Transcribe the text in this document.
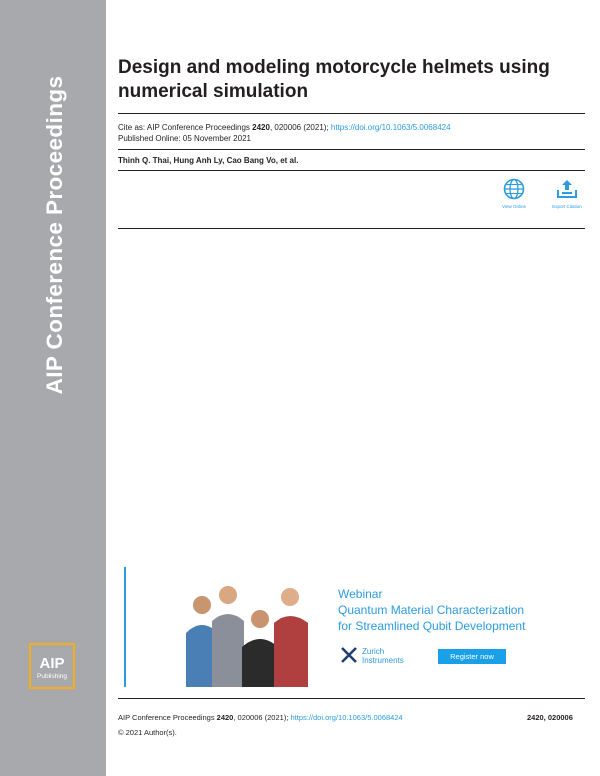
AIP Conference Proceedings
AIP
Publishing
Design and modeling motorcycle helmets using numerical simulation
Cite as: AIP Conference Proceedings 2420, 020006 (2021); https://doi.org/10.1063/5.0068424
Published Online: 05 November 2021
Thinh Q. Thai, Hung Anh Ly, Cao Bang Vo, et al.
View Online	Export Citation
Webinar
Quantum Material Characterization
for Streamlined Qubit Development
Zurich
Instruments	Register now
AIP Conference Proceedings 2420, 020006 (2021); https://doi.org/10.1063/5.0068424	2420, 020006
© 2021 Author(s).
